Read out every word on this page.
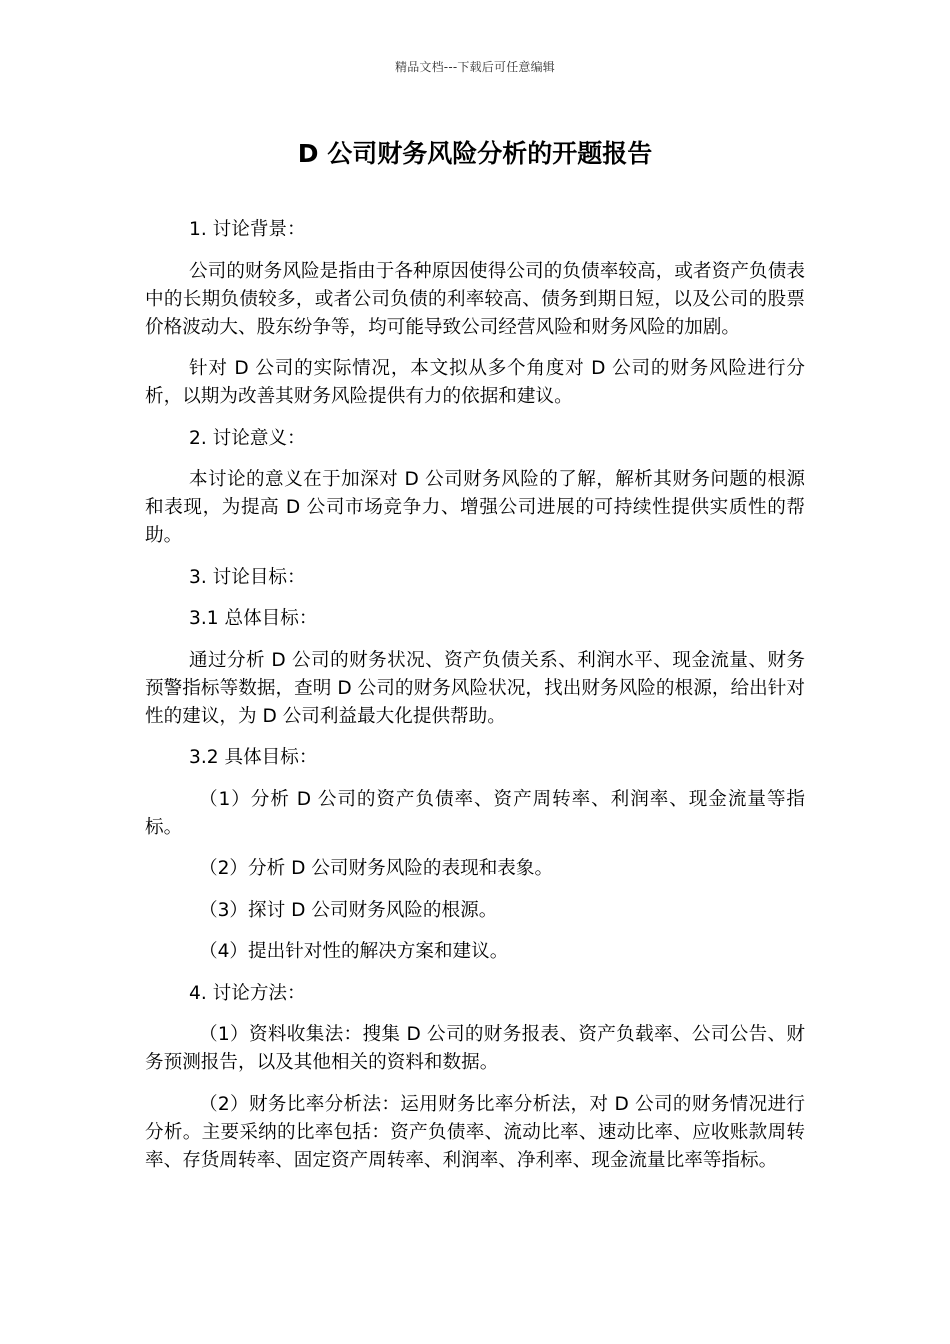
精品文档---下载后可任意编辑
D 公司财务风险分析的开题报告

1. 讨论背景：

公司的财务风险是指由于各种原因使得公司的负债率较高，或者资产负债表中的长期负债较多，或者公司负债的利率较高、债务到期日短，以及公司的股票价格波动大、股东纷争等，均可能导致公司经营风险和财务风险的加剧。

针对 D 公司的实际情况，本文拟从多个角度对 D 公司的财务风险进行分析，以期为改善其财务风险提供有力的依据和建议。

2. 讨论意义：

本讨论的意义在于加深对 D 公司财务风险的了解，解析其财务问题的根源和表现，为提高 D 公司市场竞争力、增强公司进展的可持续性提供实质性的帮助。

3. 讨论目标：

3.1 总体目标：

通过分析 D 公司的财务状况、资产负债关系、利润水平、现金流量、财务预警指标等数据，查明 D 公司的财务风险状况，找出财务风险的根源，给出针对性的建议，为 D 公司利益最大化提供帮助。

3.2 具体目标：

（1）分析 D 公司的资产负债率、资产周转率、利润率、现金流量等指标。

（2）分析 D 公司财务风险的表现和表象。

（3）探讨 D 公司财务风险的根源。

（4）提出针对性的解决方案和建议。

4. 讨论方法：

（1）资料收集法：搜集 D 公司的财务报表、资产负载率、公司公告、财务预测报告，以及其他相关的资料和数据。

（2）财务比率分析法：运用财务比率分析法，对 D 公司的财务情况进行分析。主要采纳的比率包括：资产负债率、流动比率、速动比率、应收账款周转率、存货周转率、固定资产周转率、利润率、净利率、现金流量比率等指标。
